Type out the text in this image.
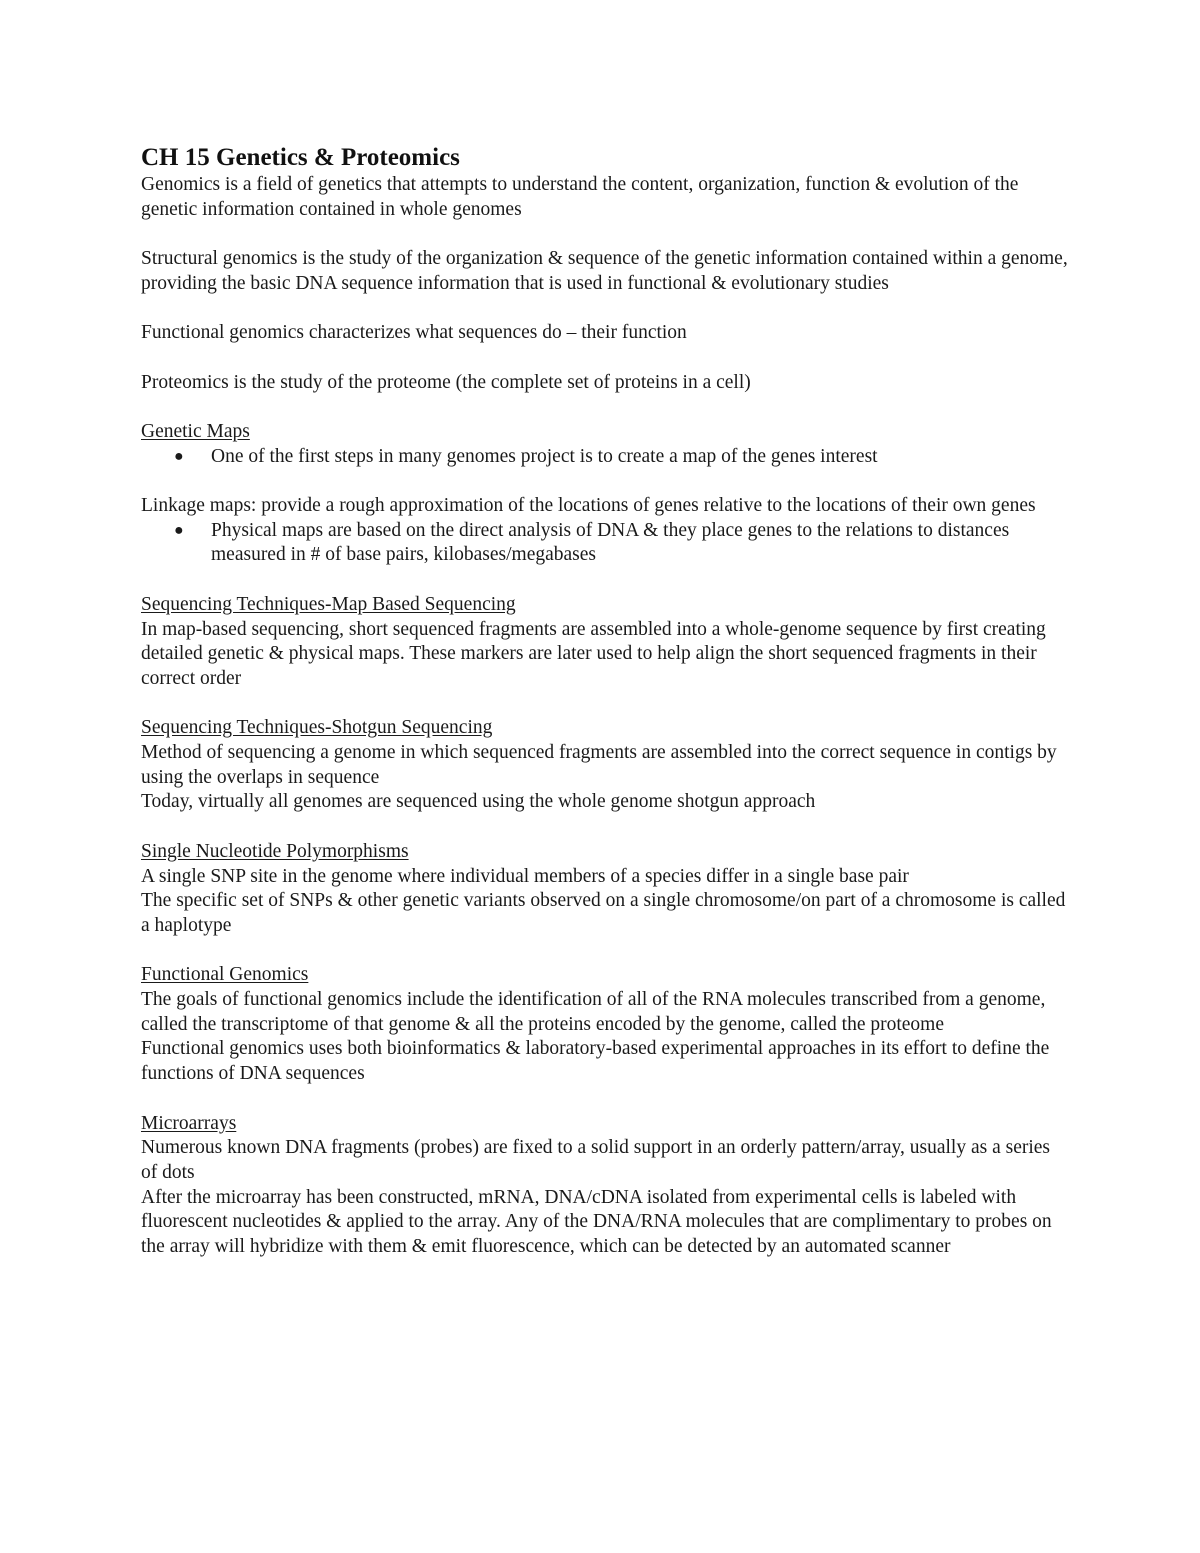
CH 15 Genetics & Proteomics

Genomics is a field of genetics that attempts to understand the content, organization, function & evolution of the genetic information contained in whole genomes

Structural genomics is the study of the organization & sequence of the genetic information contained within a genome, providing the basic DNA sequence information that is used in functional & evolutionary studies

Functional genomics characterizes what sequences do – their function

Proteomics is the study of the proteome (the complete set of proteins in a cell)

Genetic Maps

● One of the first steps in many genomes project is to create a map of the genes interest

Linkage maps: provide a rough approximation of the locations of genes relative to the locations of their own genes

● Physical maps are based on the direct analysis of DNA & they place genes to the relations to distances measured in # of base pairs, kilobases/megabases

Sequencing Techniques-Map Based Sequencing

In map-based sequencing, short sequenced fragments are assembled into a whole-genome sequence by first creating detailed genetic & physical maps. These markers are later used to help align the short sequenced fragments in their correct order

Sequencing Techniques-Shotgun Sequencing

Method of sequencing a genome in which sequenced fragments are assembled into the correct sequence in contigs by using the overlaps in sequence

Today, virtually all genomes are sequenced using the whole genome shotgun approach

Single Nucleotide Polymorphisms

A single SNP site in the genome where individual members of a species differ in a single base pair

The specific set of SNPs & other genetic variants observed on a single chromosome/on part of a chromosome is called a haplotype

Functional Genomics

The goals of functional genomics include the identification of all of the RNA molecules transcribed from a genome, called the transcriptome of that genome & all the proteins encoded by the genome, called the proteome

Functional genomics uses both bioinformatics & laboratory-based experimental approaches in its effort to define the functions of DNA sequences

Microarrays

Numerous known DNA fragments (probes) are fixed to a solid support in an orderly pattern/array, usually as a series of dots

After the microarray has been constructed, mRNA, DNA/cDNA isolated from experimental cells is labeled with fluorescent nucleotides & applied to the array. Any of the DNA/RNA molecules that are complimentary to probes on the array will hybridize with them & emit fluorescence, which can be detected by an automated scanner
